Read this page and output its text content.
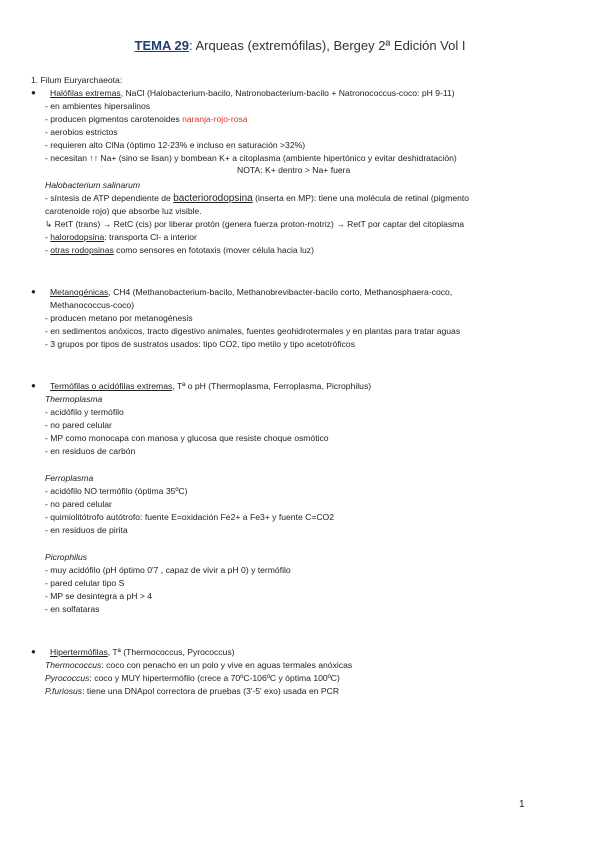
TEMA 29: Arqueas (extremófilas), Bergey 2ª Edición Vol I
1. Filum Euryarchaeota:
● Halófilas extremas, NaCl (Halobacterium-bacilo, Natronobacterium-bacilo + Natronococcus-coco: pH 9-11)
- en ambientes hipersalinos
- producen pigmentos carotenoides naranja-rojo-rosa
- aerobios estrictos
- requieren alto ClNa (óptimo 12-23% e incluso en saturación >32%)
- necesitan ↑↑ Na+ (sino se lisan) y bombean K+ a citoplasma (ambiente hipertónico y evitar deshidratación)
NOTA: K+ dentro > Na+ fuera
Halobacterium salinarum
- síntesis de ATP dependiente de bacteriorodopsina (inserta en MP): tiene una molécula de retinal (pigmento
carotenoide rojo) que absorbe luz visible.
↳ RetT (trans) → RetC (cis) por liberar protón (genera fuerza proton-motriz) → RetT por captar del citoplasma
- halorodopsina: transporta Cl- a interior
- otras rodopsinas como sensores en fototaxis (mover célula hacia luz)
● Metanogénicas, CH4 (Methanobacterium-bacilo, Methanobrevibacter-bacilo corto, Methanosphaera-coco,
Methanococcus-coco)
- producen metano por metanogénesis
- en sedimentos anóxicos, tracto digestivo animales, fuentes geohidrotermales y en plantas para tratar aguas
- 3 grupos por tipos de sustratos usados: tipo CO2, tipo metilo y tipo acetotróficos
● Termófilas o acidófilas extremas, Tª o pH (Thermoplasma, Ferroplasma, Picrophilus)
Thermoplasma
- acidófilo y termófilo
- no pared celular
- MP como monocapa con manosa y glucosa que resiste choque osmótico
- en residuos de carbón
Ferroplasma
- acidófilo NO termófilo (óptima 35ºC)
- no pared celular
- quimiolitótrofo autótrofo: fuente E=oxidación Fe2+ a Fe3+ y fuente C=CO2
- en residuos de pirita
Picrophilus
- muy acidófilo (pH óptimo 0'7 , capaz de vivir a pH 0) y termófilo
- pared celular tipo S
- MP se desintegra a pH > 4
- en solfataras
● Hipertermófilas, Tª (Thermococcus, Pyrococcus)
Thermococcus: coco con penacho en un polo y vive en aguas termales anóxicas
Pyrococcus: coco y MUY hipertermófilo (crece a 70ºC-106ºC y óptima 100ºC)
P.furiosus: tiene una DNApol correctora de pruebas (3'-5' exo) usada en PCR
1
